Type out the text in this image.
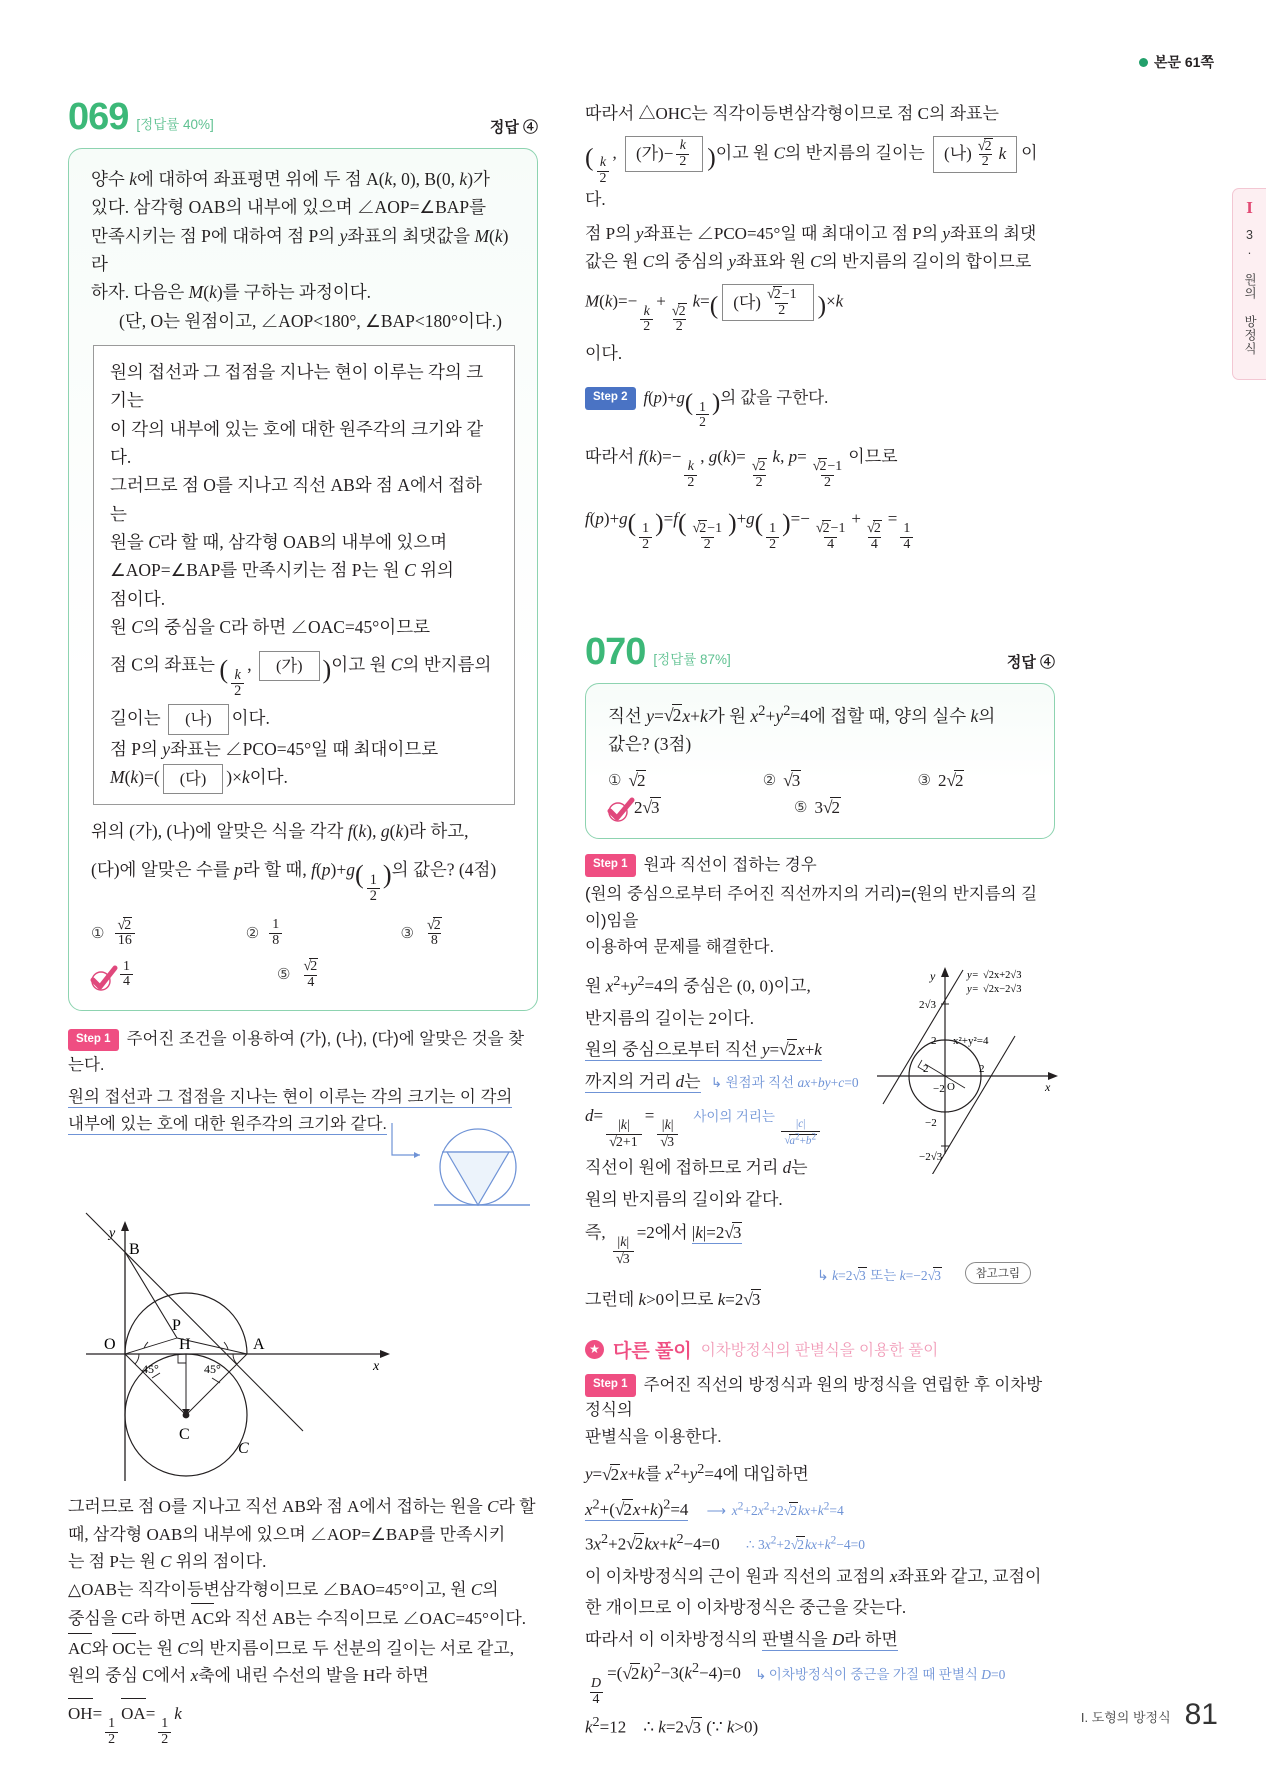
본문 61쪽
I
3. 원의 방정식
069 [정답률 40%]	정답 ④
양수 k에 대하여 좌표평면 위에 두 점 A(k, 0), B(0, k)가
있다. 삼각형 OAB의 내부에 있으며 ∠AOP=∠BAP를
만족시키는 점 P에 대하여 점 P의 y좌표의 최댓값을 M(k)라
하자. 다음은 M(k)를 구하는 과정이다.
(단, O는 원점이고, ∠AOP<180°, ∠BAP<180°이다.)
원의 접선과 그 접점을 지나는 현이 이루는 각의 크기는
이 각의 내부에 있는 호에 대한 원주각의 크기와 같다.
그러므로 점 O를 지나고 직선 AB와 점 A에서 접하는
원을 C라 할 때, 삼각형 OAB의 내부에 있으며
∠AOP=∠BAP를 만족시키는 점 P는 원 C 위의
점이다.
원 C의 중심을 C라 하면 ∠OAC=45°이므로
점 C의 좌표는 ( $\frac{k}{2}$
, (가) )이고 원 C의 반지름의
길이는 (나) 이다.
점 P의 y좌표는 ∠PCO=45°일 때 최대이므로
M(k)=( (다) )×k이다.
위의 (가), (나)에 알맞은 식을 각각 f(k), g(k)라 하고,
(다)에 알맞은 수를 p라 할 때, $f(p)+g( \frac{1}{2}$ )의 값은? (4점)
① $\frac{√2}{16}$	② $\frac{1}{8}$	③ $\frac{√2}{8}$
$\frac{1}{4}$	⑤ $\frac{√2}{4}$
Step 1 주어진 조건을 이용하여 (가), (나), (다)에 알맞은 것을 찾는다.
원의 접선과 그 접점을 지나는 현이 이루는 각의 크기는 이 각의
내부에 있는 호에 대한 원주각의 크기와 같다.
y
x
45°	45°
B
P
O	A
H
C
C
그러므로 점 O를 지나고 직선 AB와 점 A에서 접하는 원을 C라 할
때, 삼각형 OAB의 내부에 있으며 ∠AOP=∠BAP를 만족시키
는 점 P는 원 C 위의 점이다.
△OAB는 직각이등변삼각형이므로 ∠BAO=45°이고, 원 C의
중심을 C라 하면 AC와 직선 AB는 수직이므로 ∠OAC=45°이다.
AC와 OC는 원 C의 반지름이므로 두 선분의 길이는 서로 같고,
원의 중심 C에서 x축에 내린 수선의 발을 H라 하면
OH=
$\frac{1}{2}$
OA=
$\frac{1}{2}$
k
따라서 △OHC는 직각이등변삼각형이므로 점 C의 좌표는
( $\frac{k}{2}$
, (가)− $\frac{k}{2}$ )이고 원 C의 반지름의 길이는 (나) $\frac{√2}{2}$ k 이다.
점 P의 y좌표는 ∠PCO=45°일 때 최대이고 점 P의 y좌표의 최댓
값은 원 C의 중심의 y좌표와 원 C의 반지름의 길이의 합이므로
M(k)=−
$\frac{k}{2}$
+
$\frac{√2}{2}$
k=( (다) $\frac{√2-1}{2} )\times k$
이다.
Step 2 $f(p)+g( \frac{1}{2}$ )의 값을 구한다.
따라서 f(k)=−
$\frac{k}{2}$
, g(k)=
$\frac{√2}{2}$
k, p=
$\frac{√2-1}{2}$
이므로
$f(p)+g( \frac{1}{2} )=f( \frac{√2-1}{2} )+g( \frac{1}{2}$ )=−
$\frac{√2-1}{4}$
+
$\frac{√2}{4}$
=
$\frac{1}{4}$
070 [정답률 87%]	정답 ④
직선 y=√2x+k가 원 $x^2+y^2=4$에 접할 때, 양의 실수 k의
값은? (3점)
① √2	② √3	③ 2√2
2√3	⑤ 3√2
Step 1 원과 직선이 접하는 경우
(원의 중심으로부터 주어진 직선까지의 거리)=(원의 반지름의 길이)임을
이용하여 문제를 해결한다.
y
x
y= √2x+2√3
√2x−2√3
y=
2√3
2 x²+y²=4
2	2
O
−2
−2
−2√3
원 $x^2+y^2=4$의 중심은 (0, 0)이고,
반지름의 길이는 2이다.
원의 중심으로부터 직선 y=√2x+k
까지의 거리 d는 ↳ 원점과 직선 ax+by+c=0
d=
$\frac{|k|}{√2+1}$
=
$\frac{|k|}{√3}$
사이의 거리는
$\frac{|c|}{√a^2+b^2}$
직선이 원에 접하므로 거리 d는
원의 반지름의 길이와 같다.
즉,
$\frac{|k|}{√3}$
=2에서 |k|=2√3
↳ k=2√3 또는 k=−2√3
그런데 k>0이므로 k=2√3
참고그림
★ 다른 풀이 이차방정식의 판별식을 이용한 풀이
Step 1 주어진 직선의 방정식과 원의 방정식을 연립한 후 이차방정식의
판별식을 이용한다.
y=√2x+k를 $x^2+y^2=4$에 대입하면
$x^2+(√2x+k)^2=4$ ⟶ $x^2+2x^2+2√2kx+k^2=4$
$3x^2+2√2kx+k^2-4=0$ ∴ $3x^2+2√2kx+k^2-4=0$
이 이차방정식의 근이 원과 직선의 교점의 x좌표와 같고, 교점이
한 개이므로 이 이차방정식은 중근을 갖는다.
따라서 이 이차방정식의 판별식을 D라 하면
$\frac{D}{4}$
$=(√2k)^2-3(k^2-4)=0$ ↳ 이차방정식이 중근을 가질 때 판별식 D=0
$k^2=12$    ∴ k=2√3 (∵ k>0)
I. 도형의 방정식 81
